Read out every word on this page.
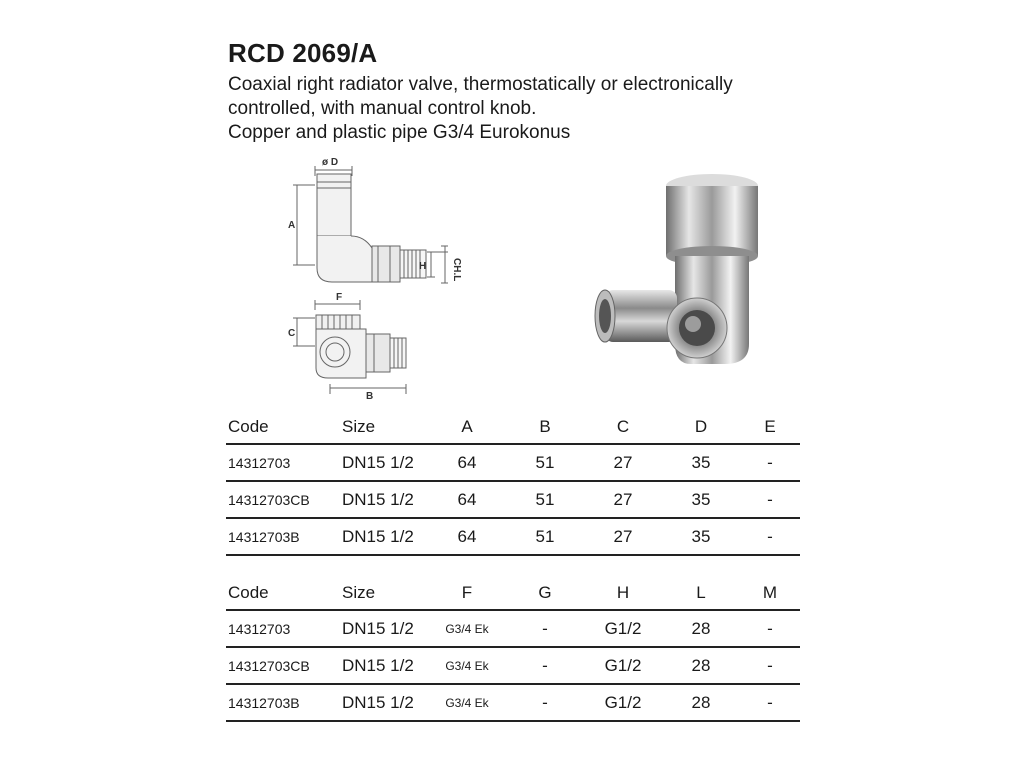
RCD 2069/A
Coaxial right radiator valve, thermostatically or electronically
controlled, with manual control knob.
Copper and plastic pipe G3/4 Eurokonus
ø D
A
H CH.L
F
C
B
Code	Size	A	B	C	D	E
14312703	DN15 1/2	64	51	27	35	-
14312703CB	DN15 1/2	64	51	27	35	-
14312703B	DN15 1/2	64	51	27	35	-
Code	Size	F	G	H	L	M
14312703	DN15 1/2	G3/4 Ek	-	G1/2	28	-
14312703CB	DN15 1/2	G3/4 Ek	-	G1/2	28	-
14312703B	DN15 1/2	G3/4 Ek	-	G1/2	28	-
